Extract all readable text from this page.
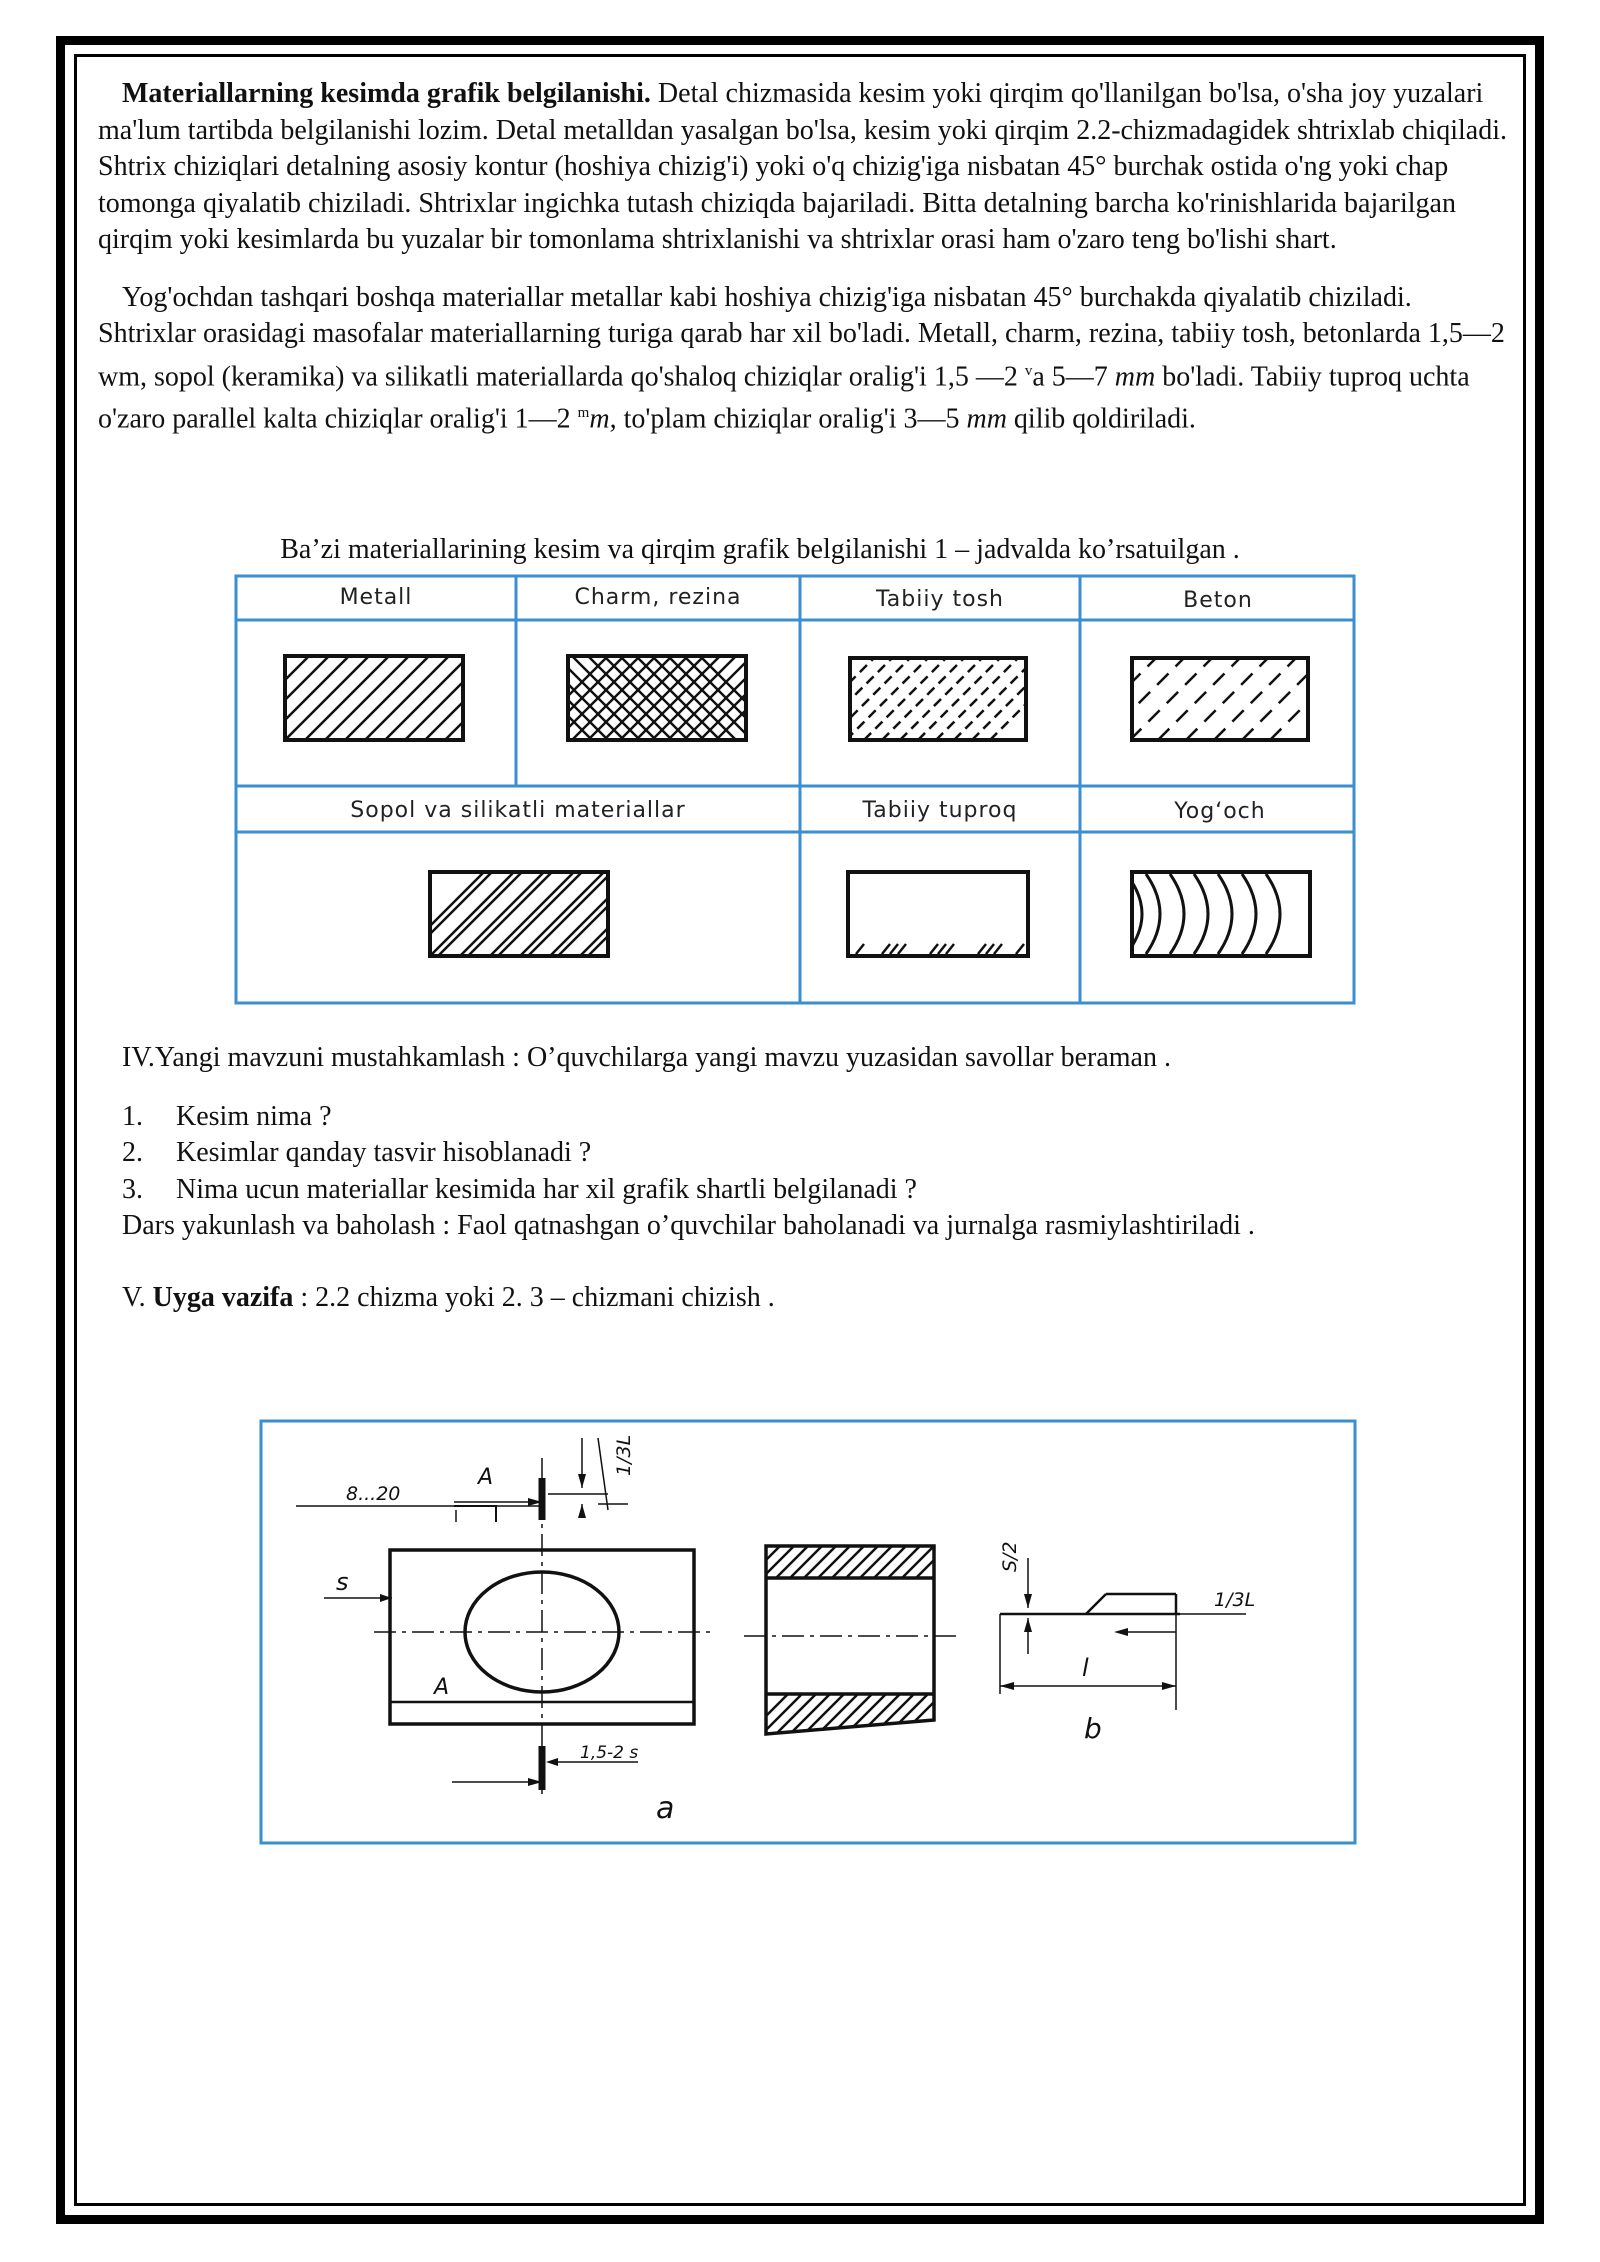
Materiallarning kesimda grafik belgilanishi. Detal chizmasida kesim yoki qirqim qo'llanilgan bo'lsa, o'sha joy yuzalari ma'lum tartibda belgilanishi lozim. Detal metalldan yasalgan bo'lsa, kesim yoki qirqim 2.2-chizmadagidek shtrixlab chiqiladi. Shtrix chiziqlari detalning asosiy kontur (hoshiya chizig'i) yoki o'q chizig'iga nisbatan 45° burchak ostida o'ng yoki chap tomonga qiyalatib chiziladi. Shtrixlar ingichka tutash chiziqda bajariladi. Bitta detalning barcha ko'rinishlarida bajarilgan qirqim yoki kesimlarda bu yuzalar bir tomonlama shtrixlanishi va shtrixlar orasi ham o'zaro teng bo'lishi shart.

Yog'ochdan tashqari boshqa materiallar metallar kabi hoshiya chizig'iga nisbatan 45° burchakda qiyalatib chiziladi. Shtrixlar orasidagi masofalar materiallarning turiga qarab har xil bo'ladi. Metall, charm, rezina, tabiiy tosh, betonlarda 1,5—2 wm, sopol (keramika) va silikatli materiallarda qo'shaloq chiziqlar oralig'i 1,5 —2 $^v$a 5—7 mm bo'ladi. Tabiiy tuproq uchta o'zaro parallel kalta chiziqlar oralig'i 1—2 $^m$m, to'plam chiziqlar oralig'i 3—5 mm qilib qoldiriladi.

Ba’zi materiallarining kesim va qirqim grafik belgilanishi 1 – jadvalda ko’rsatuilgan .
Metall	Charm, rezina	Tabiiy tosh	Beton
Sopol va silikatli materiallar	Tabiiy tuproq	Yog‘och
IV.Yangi mavzuni mustahkamlash : O’quvchilarga yangi mavzu yuzasidan savollar beraman .
1.	Kesim nima ?
2.	Kesimlar qanday tasvir hisoblanadi ?
3.	Nima ucun materiallar kesimida har xil grafik shartli belgilanadi ?
Dars yakunlash va baholash : Faol qatnashgan o’quvchilar baholanadi va jurnalga rasmiylashtiriladi .
V. Uyga vazifa : 2.2 chizma yoki 2. 3 – chizmani chizish .
8...20
A
s
A
1/3L
1,5-2 s
a
S/2
1/3L
l
b
